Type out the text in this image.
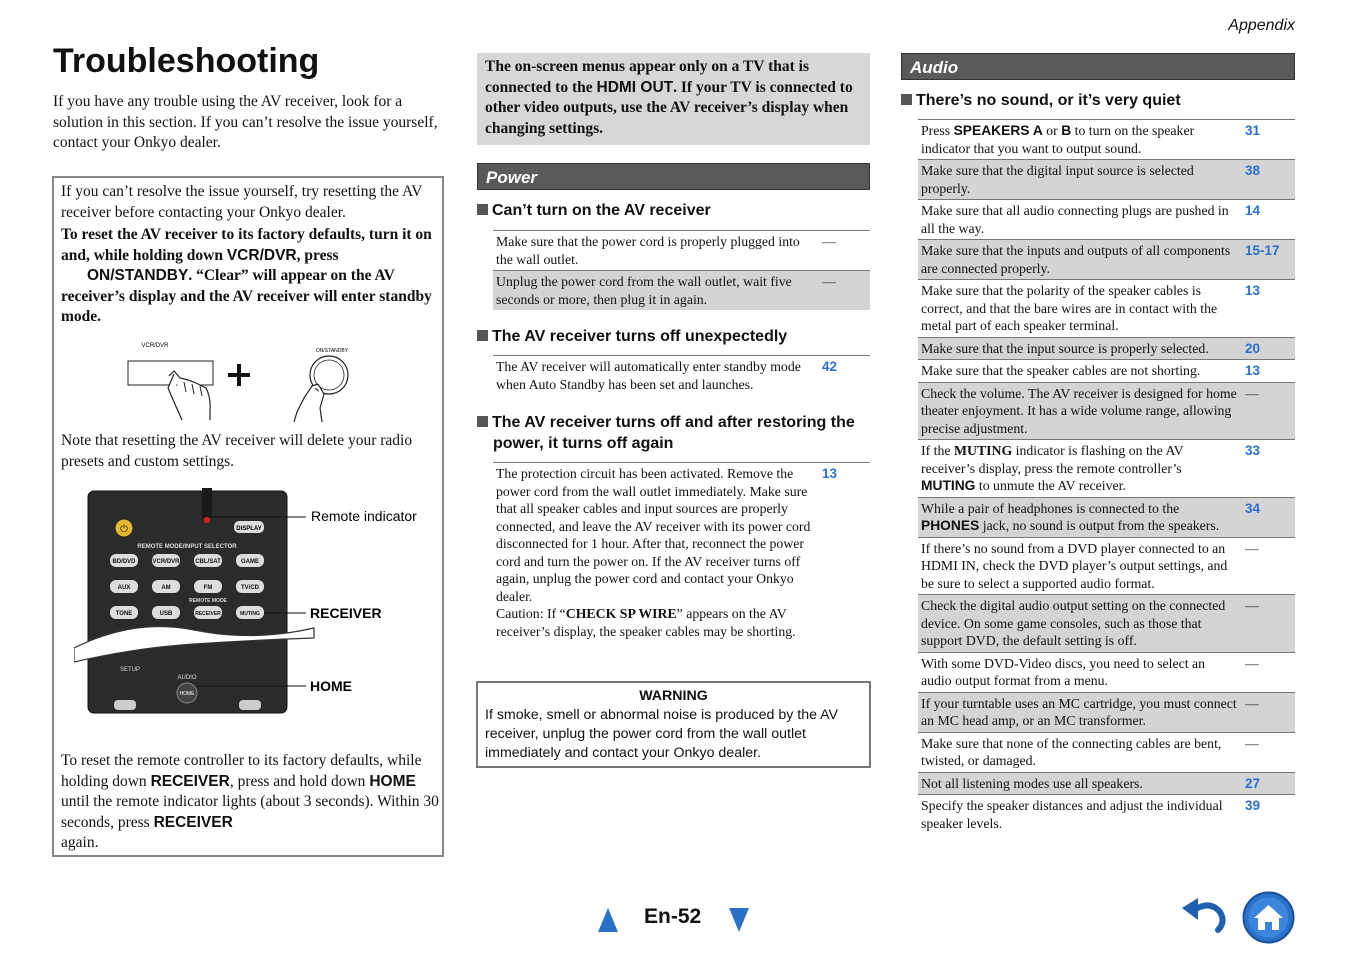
Appendix
Troubleshooting
If you have any trouble using the AV receiver, look for a solution in this section. If you can’t resolve the issue yourself, contact your Onkyo dealer.
If you can’t resolve the issue yourself, try resetting the AV receiver before contacting your Onkyo dealer.
To reset the AV receiver to its factory defaults, turn it on and, while holding down VCR/DVR, press
ON/STANDBY. “Clear” will appear on the AV receiver’s display and the AV receiver will enter standby mode.
VCR/DVR
ON/STANDBY
Note that resetting the AV receiver will delete your radio presets and custom settings.
⏻	DISPLAY
REMOTE MODE/INPUT SELECTOR
BD/DVD	VCR/DVR	CBL/SAT	GAME
AUX	AM	FM	TV/CD
REMOTE MODE
TONE	USB	RECEIVER	MUTING
SETUP
AUDIO
HOME
Remote indicator
RECEIVER
HOME
To reset the remote controller to its factory defaults, while holding down RECEIVER, press and hold down HOME until the remote indicator lights (about 3 seconds). Within 30 seconds, press RECEIVER
again.
The on-screen menus appear only on a TV that is connected to the HDMI OUT. If your TV is connected to other video outputs, use the AV receiver’s display when changing settings.
Power
Can’t turn on the AV receiver
Make sure that the power cord is properly plugged into the wall outlet.	—
Unplug the power cord from the wall outlet, wait five seconds or more, then plug it in again.	—
The AV receiver turns off unexpectedly
The AV receiver will automatically enter standby mode when Auto Standby has been set and launches.	42
The AV receiver turns off and after restoring the
power, it turns off again
The protection circuit has been activated. Remove the power cord from the wall outlet immediately. Make sure that all speaker cables and input sources are properly connected, and leave the AV receiver with its power cord disconnected for 1 hour. After that, reconnect the power cord and turn the power on. If the AV receiver turns off again, unplug the power cord and contact your Onkyo dealer.
Caution: If “CHECK SP WIRE” appears on the AV receiver’s display, the speaker cables may be shorting.	13
WARNING
If smoke, smell or abnormal noise is produced by the AV receiver, unplug the power cord from the wall outlet immediately and contact your Onkyo dealer.
Audio
There’s no sound, or it’s very quiet
Press SPEAKERS A or B to turn on the speaker indicator that you want to output sound.	31
Make sure that the digital input source is selected properly.	38
Make sure that all audio connecting plugs are pushed in all the way.	14
Make sure that the inputs and outputs of all components are connected properly.	15-17
Make sure that the polarity of the speaker cables is correct, and that the bare wires are in contact with the metal part of each speaker terminal.	13
Make sure that the input source is properly selected.	20
Make sure that the speaker cables are not shorting.	13
Check the volume. The AV receiver is designed for home theater enjoyment. It has a wide volume range, allowing precise adjustment.	—
If the MUTING indicator is flashing on the AV receiver’s display, press the remote controller’s MUTING to unmute the AV receiver.	33
While a pair of headphones is connected to the PHONES jack, no sound is output from the speakers.	34
If there’s no sound from a DVD player connected to an HDMI IN, check the DVD player’s output settings, and be sure to select a supported audio format.	—
Check the digital audio output setting on the connected device. On some game consoles, such as those that support DVD, the default setting is off.	—
With some DVD-Video discs, you need to select an audio output format from a menu.	—
If your turntable uses an MC cartridge, you must connect an MC head amp, or an MC transformer.	—
Make sure that none of the connecting cables are bent, twisted, or damaged.	—
Not all listening modes use all speakers.	27
Specify the speaker distances and adjust the individual speaker levels.	39
En-52
